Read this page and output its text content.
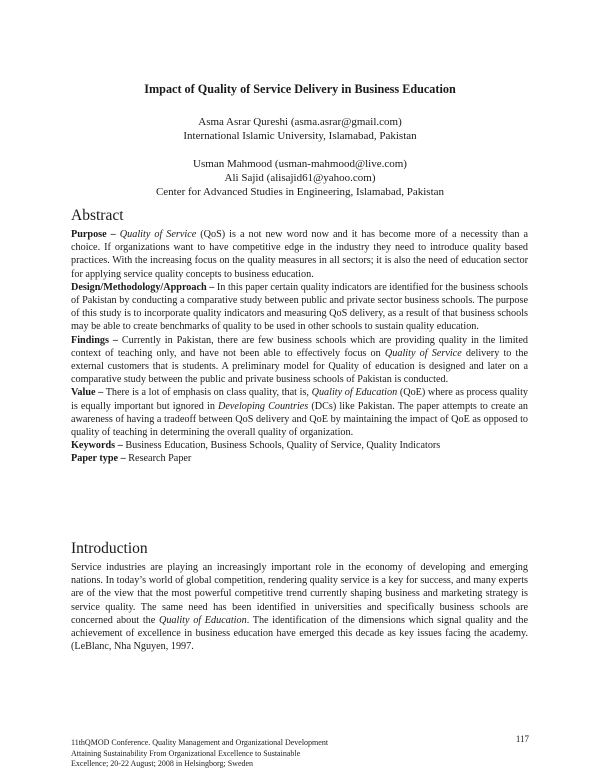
Impact of Quality of Service Delivery in Business Education
Asma Asrar Qureshi (asma.asrar@gmail.com)
International Islamic University, Islamabad, Pakistan
Usman Mahmood (usman-mahmood@live.com)
Ali Sajid (alisajid61@yahoo.com)
Center for Advanced Studies in Engineering, Islamabad, Pakistan
Abstract

Purpose – Quality of Service (QoS) is a not new word now and it has become more of a necessity than a choice. If organizations want to have competitive edge in the industry they need to introduce quality based practices. With the increasing focus on the quality measures in all sectors; it is also the need of education sector for applying service quality concepts to business education.

Design/Methodology/Approach – In this paper certain quality indicators are identified for the business schools of Pakistan by conducting a comparative study between public and private sector business schools. The purpose of this study is to incorporate quality indicators and measuring QoS delivery, as a result of that business schools may be able to create benchmarks of quality to be used in other schools to sustain quality education.

Findings – Currently in Pakistan, there are few business schools which are providing quality in the limited context of teaching only, and have not been able to effectively focus on Quality of Service delivery to the external customers that is students. A preliminary model for Quality of education is designed and later on a comparative study between the public and private business schools of Pakistan is conducted.

Value – There is a lot of emphasis on class quality, that is, Quality of Education (QoE) where as process quality is equally important but ignored in Developing Countries (DCs) like Pakistan. The paper attempts to create an awareness of having a tradeoff between QoS delivery and QoE by maintaining the impact of QoE as opposed to quality of teaching in determining the overall quality of organization.

Keywords – Business Education, Business Schools, Quality of Service, Quality Indicators

Paper type – Research Paper

Introduction

Service industries are playing an increasingly important role in the economy of developing and emerging nations. In today’s world of global competition, rendering quality service is a key for success, and many experts are of the view that the most powerful competitive trend currently shaping business and marketing strategy is service quality. The same need has been identified in universities and specifically business schools are concerned about the Quality of Education. The identification of the dimensions which signal quality and the achievement of excellence in business education have emerged this decade as key issues facing the academy. (LeBlanc, Nha Nguyen, 1997.

11thQMOD Conference. Quality Management and Organizational Development
Attaining Sustainability From Organizational Excellence to Sustainable
Excellence; 20-22 August; 2008 in Helsingborg; Sweden
117
